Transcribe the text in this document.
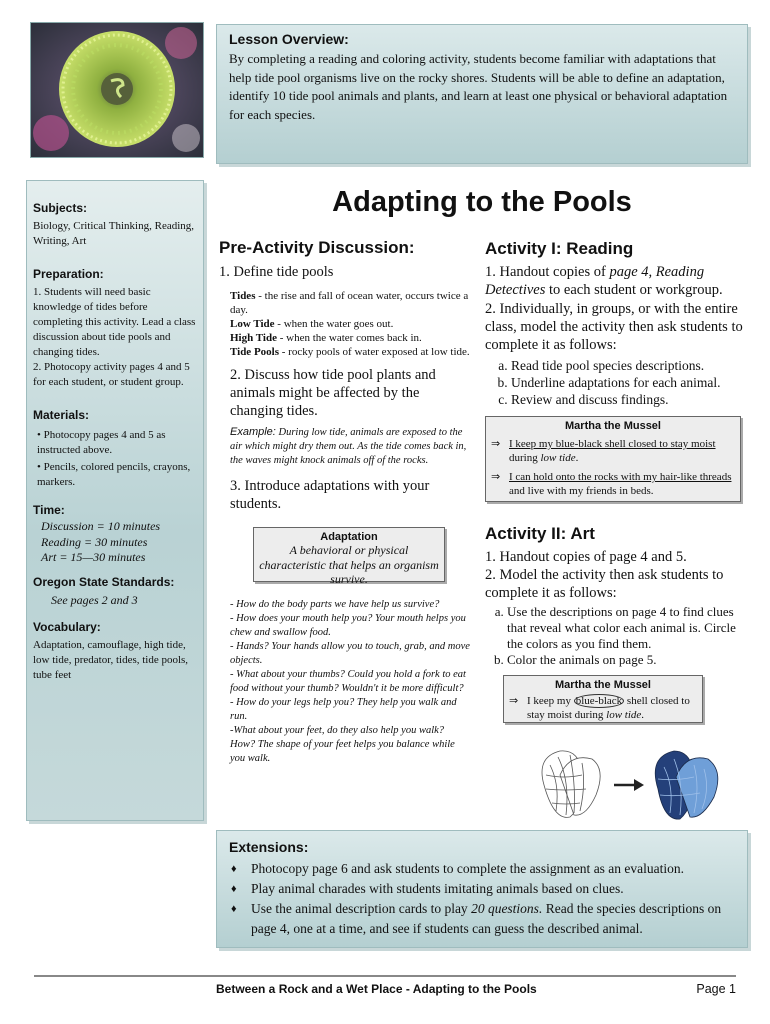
Lesson Overview:

By completing a reading and coloring activity, students become familiar with adaptations that help tide pool organisms live on the rocky shores. Students will be able to define an adaptation, identify 10 tide pool animals and plants, and learn at least one physical or behavioral adaptation for each species.

Subjects:
Biology, Critical Thinking, Reading, Writing, Art
Preparation:
1. Students will need basic knowledge of tides before completing this activity. Lead a class discussion about tide pools and changing tides.
2. Photocopy activity pages 4 and 5 for each student, or student group.
Materials:
• Photocopy pages 4 and 5 as instructed above.
• Pencils, colored pencils, crayons, markers.
Time:
Discussion = 10 minutes
Reading = 30 minutes
Art = 15—30 minutes
Oregon State Standards:
See pages 2 and 3
Vocabulary:
Adaptation, camouflage, high tide, low tide, predator, tides, tide pools, tube feet
Adapting to the Pools
Pre-Activity Discussion:
1. Define tide pools
Tides - the rise and fall of ocean water, occurs twice a day.
Low Tide - when the water goes out.
High Tide - when the water comes back in.
Tide Pools - rocky pools of water exposed at low tide.
2. Discuss how tide pool plants and animals might be affected by the changing tides.
Example: During low tide, animals are exposed to the air which might dry them out. As the tide comes back in, the waves might knock animals off of the rocks.
3. Introduce adaptations with your students.
Adaptation
A behavioral or physical characteristic that helps an organism survive.
- How do the body parts we have help us survive?
- How does your mouth help you? Your mouth helps you chew and swallow food.
- Hands? Your hands allow you to touch, grab, and move objects.
- What about your thumbs? Could you hold a fork to eat food without your thumb? Wouldn't it be more difficult?
- How do your legs help you? They help you walk and run.
-What about your feet, do they also help you walk? How? The shape of your feet helps you balance while you walk.
Activity I: Reading
1. Handout copies of page 4, Reading Detectives to each student or workgroup.
2. Individually, in groups, or with the entire class, model the activity then ask students to complete it as follows:
a. Read tide pool species descriptions.
b. Underline adaptations for each animal.
c. Review and discuss findings.
Martha the Mussel
⇒ I keep my blue-black shell closed to stay moist during low tide.
⇒ I can hold onto the rocks with my hair-like threads and live with my friends in beds.
Activity II: Art
1. Handout copies of page 4 and 5.
2. Model the activity then ask students to complete it as follows:
a. Use the descriptions on page 4 to find clues that reveal what color each animal is. Circle the colors as you find them.
b. Color the animals on page 5.
Martha the Mussel
⇒ I keep my blue-black shell closed to stay moist during low tide.
Extensions:
♦ Photocopy page 6 and ask students to complete the assignment as an evaluation.
♦ Play animal charades with students imitating animals based on clues.
♦ Use the animal description cards to play 20 questions. Read the species descriptions on page 4, one at a time, and see if students can guess the described animal.
Between a Rock and a Wet Place - Adapting to the Pools	Page 1
